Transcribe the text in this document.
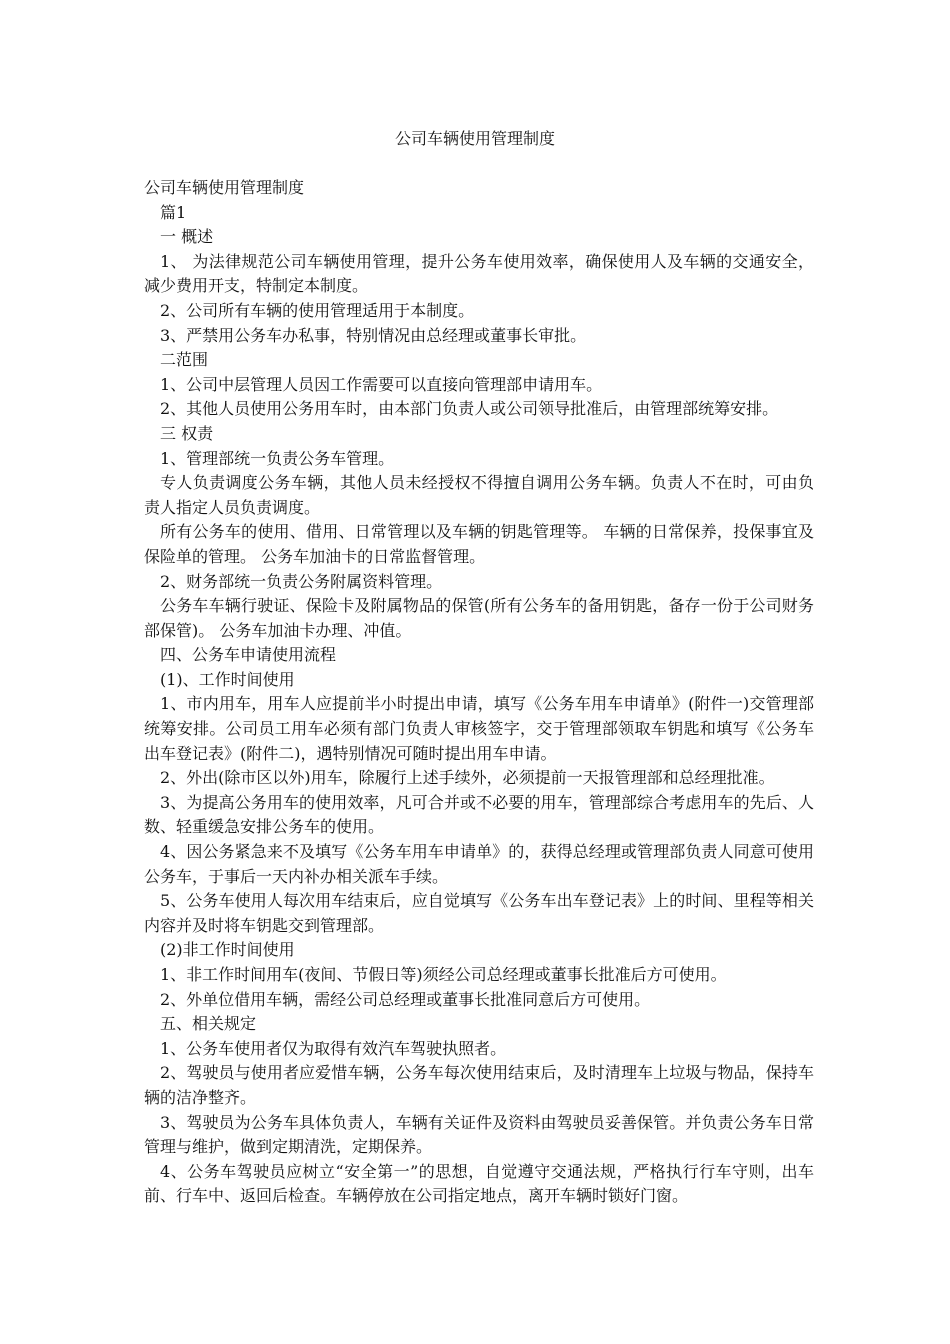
公司车辆使用管理制度

公司车辆使用管理制度

篇1

一 概述

1、 为法律规范公司车辆使用管理，提升公务车使用效率，确保使用人及车辆的交通安全，减少费用开支，特制定本制度。

2、公司所有车辆的使用管理适用于本制度。

3、严禁用公务车办私事，特别情况由总经理或董事长审批。

二范围

1、公司中层管理人员因工作需要可以直接向管理部申请用车。

2、其他人员使用公务用车时，由本部门负责人或公司领导批准后，由管理部统筹安排。

三 权责

1、管理部统一负责公务车管理。

专人负责调度公务车辆，其他人员未经授权不得擅自调用公务车辆。负责人不在时，可由负责人指定人员负责调度。

所有公务车的使用、借用、日常管理以及车辆的钥匙管理等。 车辆的日常保养，投保事宜及保险单的管理。 公务车加油卡的日常监督管理。

2、财务部统一负责公务附属资料管理。

公务车车辆行驶证、保险卡及附属物品的保管(所有公务车的备用钥匙，备存一份于公司财务部保管)。 公务车加油卡办理、冲值。

四、公务车申请使用流程

(1)、工作时间使用

1、市内用车，用车人应提前半小时提出申请，填写《公务车用车申请单》(附件一)交管理部统筹安排。公司员工用车必须有部门负责人审核签字，交于管理部领取车钥匙和填写《公务车出车登记表》(附件二)，遇特别情况可随时提出用车申请。

2、外出(除市区以外)用车，除履行上述手续外，必须提前一天报管理部和总经理批准。

3、为提高公务用车的使用效率，凡可合并或不必要的用车，管理部综合考虑用车的先后、人数、轻重缓急安排公务车的使用。

4、因公务紧急来不及填写《公务车用车申请单》的，获得总经理或管理部负责人同意可使用公务车，于事后一天内补办相关派车手续。

5、公务车使用人每次用车结束后，应自觉填写《公务车出车登记表》上的时间、里程等相关内容并及时将车钥匙交到管理部。

(2)非工作时间使用

1、非工作时间用车(夜间、节假日等)须经公司总经理或董事长批准后方可使用。

2、外单位借用车辆，需经公司总经理或董事长批准同意后方可使用。

五、相关规定

1、公务车使用者仅为取得有效汽车驾驶执照者。

2、驾驶员与使用者应爱惜车辆，公务车每次使用结束后，及时清理车上垃圾与物品，保持车辆的洁净整齐。

3、驾驶员为公务车具体负责人，车辆有关证件及资料由驾驶员妥善保管。并负责公务车日常管理与维护，做到定期清洗，定期保养。

4、公务车驾驶员应树立“安全第一”的思想，自觉遵守交通法规，严格执行行车守则，出车前、行车中、返回后检查。车辆停放在公司指定地点，离开车辆时锁好门窗。
